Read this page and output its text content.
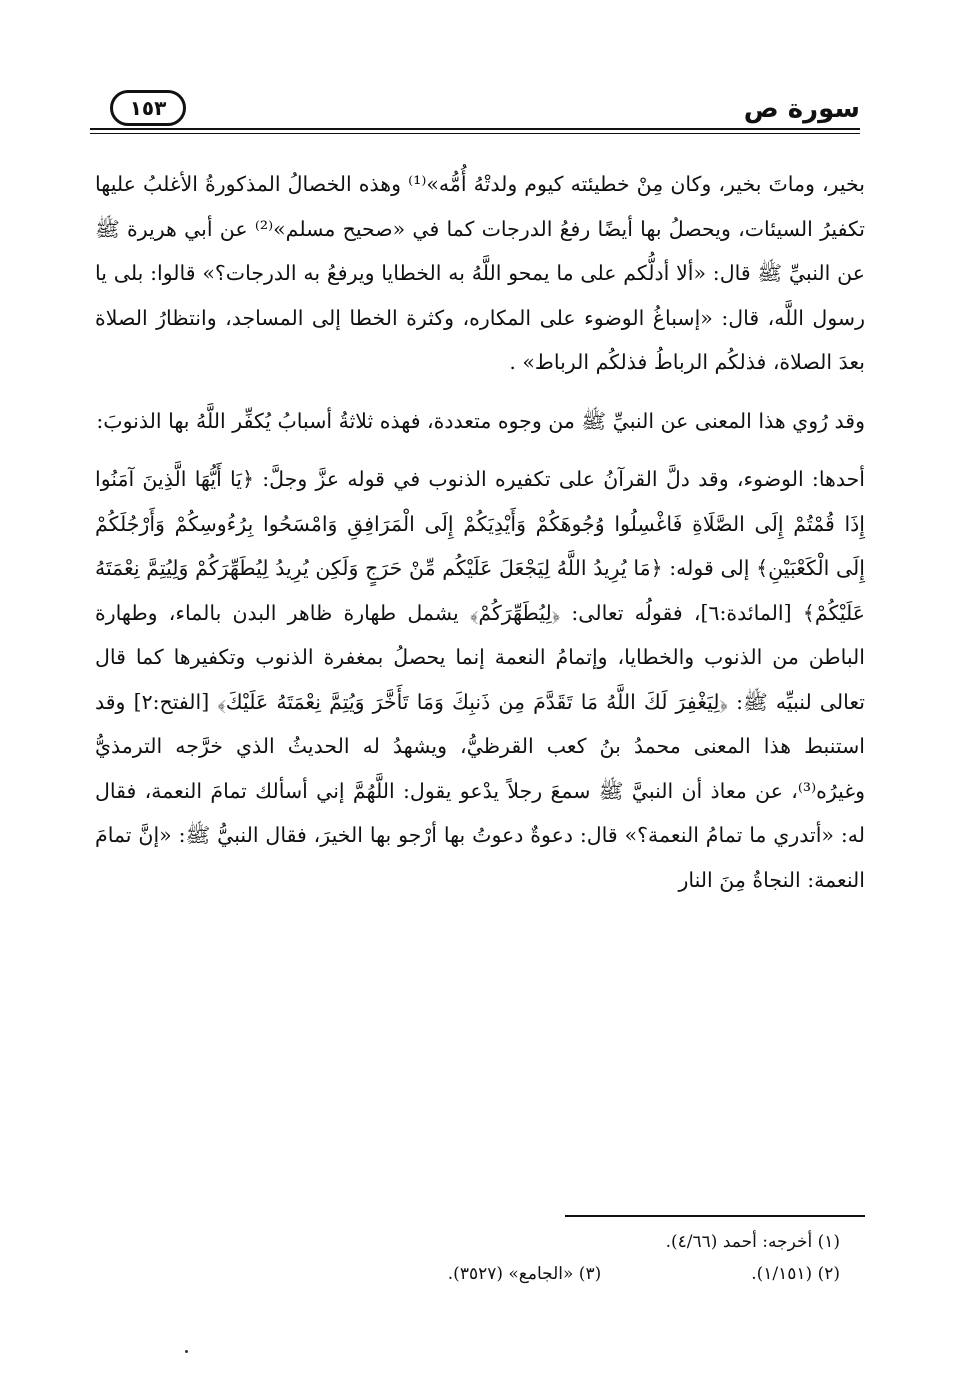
سورة ص
١٥٣

بخير، وماتَ بخير، وكان مِنْ خطيئته كيوم ولدتْهُ أُمُّه»⁽¹⁾ وهذه الخصالُ المذكورةُ الأغلبُ عليها تكفيرُ السيئات، ويحصلُ بها أيضًا رفعُ الدرجات كما في «صحيح مسلم»⁽²⁾ عن أبي هريرة ﷺ عن النبيِّ ﷺ قال: «ألا أدلُّكم على ما يمحو اللَّهُ به الخطايا ويرفعُ به الدرجات؟» قالوا: بلى يا رسول اللَّه، قال: «إسباغُ الوضوء على المكاره، وكثرة الخطا إلى المساجد، وانتظارُ الصلاة بعدَ الصلاة، فذلكُم الرباطُ فذلكُم الرباط» .

وقد رُوي هذا المعنى عن النبيِّ ﷺ من وجوه متعددة، فهذه ثلاثةُ أسبابُ يُكفِّر اللَّهُ بها الذنوبَ:

أحدها: الوضوء، وقد دلَّ القرآنُ على تكفيره الذنوب في قوله عزَّ وجلَّ: ﴿يَا أَيُّهَا الَّذِينَ آمَنُوا إِذَا قُمْتُمْ إِلَى الصَّلَاةِ فَاغْسِلُوا وُجُوهَكُمْ وَأَيْدِيَكُمْ إِلَى الْمَرَافِقِ وَامْسَحُوا بِرُءُوسِكُمْ وَأَرْجُلَكُمْ إِلَى الْكَعْبَيْنِ﴾ إلى قوله: ﴿مَا يُرِيدُ اللَّهُ لِيَجْعَلَ عَلَيْكُم مِّنْ حَرَجٍ وَلَكِن يُرِيدُ لِيُطَهِّرَكُمْ وَلِيُتِمَّ نِعْمَتَهُ عَلَيْكُمْ﴾ [المائدة:٦]، فقولُه تعالى: ﴿لِيُطَهِّرَكُمْ﴾ يشمل طهارة ظاهر البدن بالماء، وطهارة الباطن من الذنوب والخطايا، وإتمامُ النعمة إنما يحصلُ بمغفرة الذنوب وتكفيرها كما قال تعالى لنبيِّه ﷺ: ﴿لِيَغْفِرَ لَكَ اللَّهُ مَا تَقَدَّمَ مِن ذَنبِكَ وَمَا تَأَخَّرَ وَيُتِمَّ نِعْمَتَهُ عَلَيْكَ﴾ [الفتح:٢] وقد استنبط هذا المعنى محمدُ بنُ كعب القرظيُّ، ويشهدُ له الحديثُ الذي خرَّجه الترمذيُّ وغيرُه⁽³⁾، عن معاذ أن النبيَّ ﷺ سمعَ رجلاً يدْعو يقول: اللَّهُمَّ إني أسألك تمامَ النعمة، فقال له: «أتدري ما تمامُ النعمة؟» قال: دعوةٌ دعوتُ بها أرْجو بها الخيرَ، فقال النبيُّ ﷺ: «إنَّ تمامَ النعمة: النجاةُ مِنَ النار

(١) أخرجه: أحمد (٤/٦٦).
(٢) (١/١٥١).
(٣) «الجامع» (٣٥٢٧).
